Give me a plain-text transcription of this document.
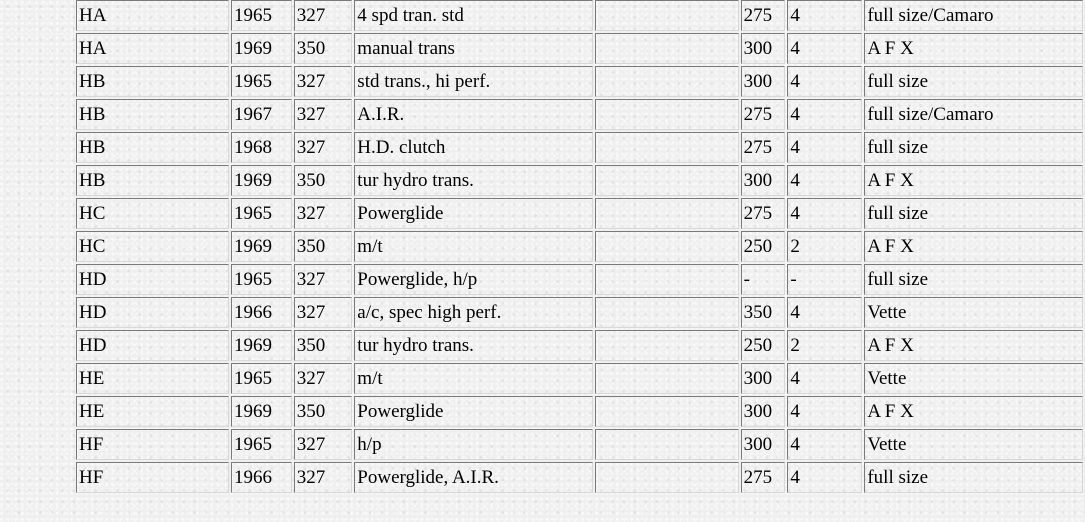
HA	1965	327	4 spd tran. std		275	4	full size/Camaro
HA	1969	350	manual trans		300	4	A F X
HB	1965	327	std trans., hi perf.		300	4	full size
HB	1967	327	A.I.R.		275	4	full size/Camaro
HB	1968	327	H.D. clutch		275	4	full size
HB	1969	350	tur hydro trans.		300	4	A F X
HC	1965	327	Powerglide		275	4	full size
HC	1969	350	m/t		250	2	A F X
HD	1965	327	Powerglide, h/p		-	-	full size
HD	1966	327	a/c, spec high perf.		350	4	Vette
HD	1969	350	tur hydro trans.		250	2	A F X
HE	1965	327	m/t		300	4	Vette
HE	1969	350	Powerglide		300	4	A F X
HF	1965	327	h/p		300	4	Vette
HF	1966	327	Powerglide, A.I.R.		275	4	full size
